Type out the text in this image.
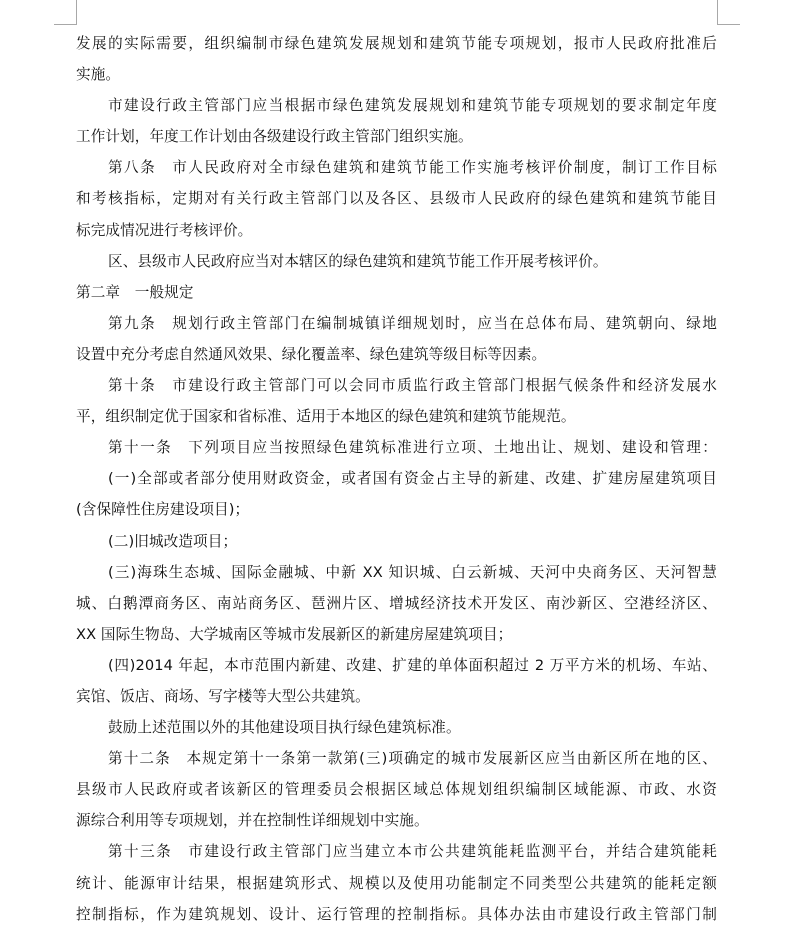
发展的实际需要，组织编制市绿色建筑发展规划和建筑节能专项规划，报市人民政府批准后
实施。
市建设行政主管部门应当根据市绿色建筑发展规划和建筑节能专项规划的要求制定年度
工作计划，年度工作计划由各级建设行政主管部门组织实施。
第八条　市人民政府对全市绿色建筑和建筑节能工作实施考核评价制度，制订工作目标
和考核指标，定期对有关行政主管部门以及各区、县级市人民政府的绿色建筑和建筑节能目
标完成情况进行考核评价。
区、县级市人民政府应当对本辖区的绿色建筑和建筑节能工作开展考核评价。
第二章　一般规定
第九条　规划行政主管部门在编制城镇详细规划时，应当在总体布局、建筑朝向、绿地
设置中充分考虑自然通风效果、绿化覆盖率、绿色建筑等级目标等因素。
第十条　市建设行政主管部门可以会同市质监行政主管部门根据气候条件和经济发展水
平，组织制定优于国家和省标准、适用于本地区的绿色建筑和建筑节能规范。
第十一条　下列项目应当按照绿色建筑标准进行立项、土地出让、规划、建设和管理：
(一)全部或者部分使用财政资金，或者国有资金占主导的新建、改建、扩建房屋建筑项目
(含保障性住房建设项目)；
(二)旧城改造项目；
(三)海珠生态城、国际金融城、中新 XX 知识城、白云新城、天河中央商务区、天河智慧
城、白鹅潭商务区、南站商务区、琶洲片区、增城经济技术开发区、南沙新区、空港经济区、
XX 国际生物岛、大学城南区等城市发展新区的新建房屋建筑项目；
(四)2014 年起，本市范围内新建、改建、扩建的单体面积超过 2 万平方米的机场、车站、
宾馆、饭店、商场、写字楼等大型公共建筑。
鼓励上述范围以外的其他建设项目执行绿色建筑标准。
第十二条　本规定第十一条第一款第(三)项确定的城市发展新区应当由新区所在地的区、
县级市人民政府或者该新区的管理委员会根据区域总体规划组织编制区域能源、市政、水资
源综合利用等专项规划，并在控制性详细规划中实施。
第十三条　市建设行政主管部门应当建立本市公共建筑能耗监测平台，并结合建筑能耗
统计、能源审计结果，根据建筑形式、规模以及使用功能制定不同类型公共建筑的能耗定额
控制指标，作为建筑规划、设计、运行管理的控制指标。具体办法由市建设行政主管部门制
